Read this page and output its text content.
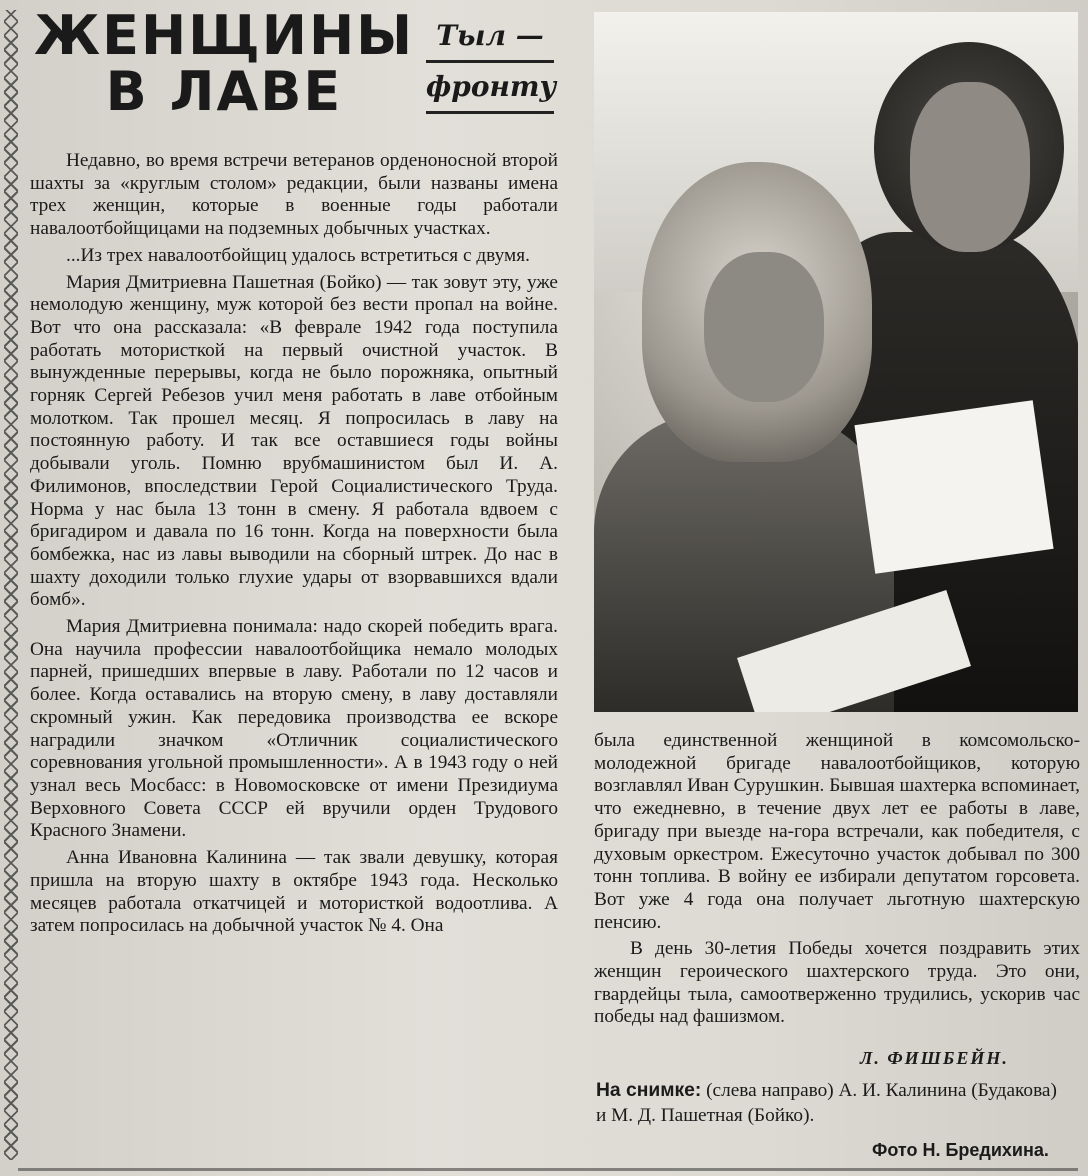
ЖЕНЩИНЫ
В ЛАВЕ
Тыл —
фронту

Недавно, во время встречи ветеранов орденоносной второй шахты за «круглым столом» редакции, были названы имена трех женщин, которые в военные годы работали навалоотбойщицами на подземных добычных участках.

...Из трех навалоотбойщиц удалось встретиться с двумя.

Мария Дмитриевна Пашетная (Бойко) — так зовут эту, уже немолодую женщину, муж которой без вести пропал на войне. Вот что она рассказала: «В феврале 1942 года поступила работать мотористкой на первый очистной участок. В вынужденные перерывы, когда не было порожняка, опытный горняк Сергей Ребезов учил меня работать в лаве отбойным молотком. Так прошел месяц. Я попросилась в лаву на постоянную работу. И так все оставшиеся годы войны добывали уголь. Помню врубмашинистом был И. А. Филимонов, впоследствии Герой Социалистического Труда. Норма у нас была 13 тонн в смену. Я работала вдвоем с бригадиром и давала по 16 тонн. Когда на поверхности была бомбежка, нас из лавы выводили на сборный штрек. До нас в шахту доходили только глухие удары от взорвавшихся вдали бомб».

Мария Дмитриевна понимала: надо скорей победить врага. Она научила профессии навалоотбойщика немало молодых парней, пришедших впервые в лаву. Работали по 12 часов и более. Когда оставались на вторую смену, в лаву доставляли скромный ужин. Как передовика производства ее вскоре наградили значком «Отличник социалистического соревнования угольной промышленности». А в 1943 году о ней узнал весь Мосбасс: в Новомосковске от имени Президиума Верховного Совета СССР ей вручили орден Трудового Красного Знамени.

Анна Ивановна Калинина — так звали девушку, которая пришла на вторую шахту в октябре 1943 года. Несколько месяцев работала откатчицей и мотористкой водоотлива. А затем попросилась на добычной участок № 4. Она

была единственной женщиной в комсомольско-молодежной бригаде навалоотбойщиков, которую возглавлял Иван Сурушкин. Бывшая шахтерка вспоминает, что ежедневно, в течение двух лет ее работы в лаве, бригаду при выезде на-гора встречали, как победителя, с духовым оркестром. Ежесуточно участок добывал по 300 тонн топлива. В войну ее избирали депутатом горсовета. Вот уже 4 года она получает льготную шахтерскую пенсию.

В день 30-летия Победы хочется поздравить этих женщин героического шахтерского труда. Это они, гвардейцы тыла, самоотверженно трудились, ускорив час победы над фашизмом.

Л. ФИШБЕЙН.
На снимке: (слева направо) А. И. Калинина (Будакова) и М. Д. Пашетная (Бойко).
Фото Н. Бредихина.
